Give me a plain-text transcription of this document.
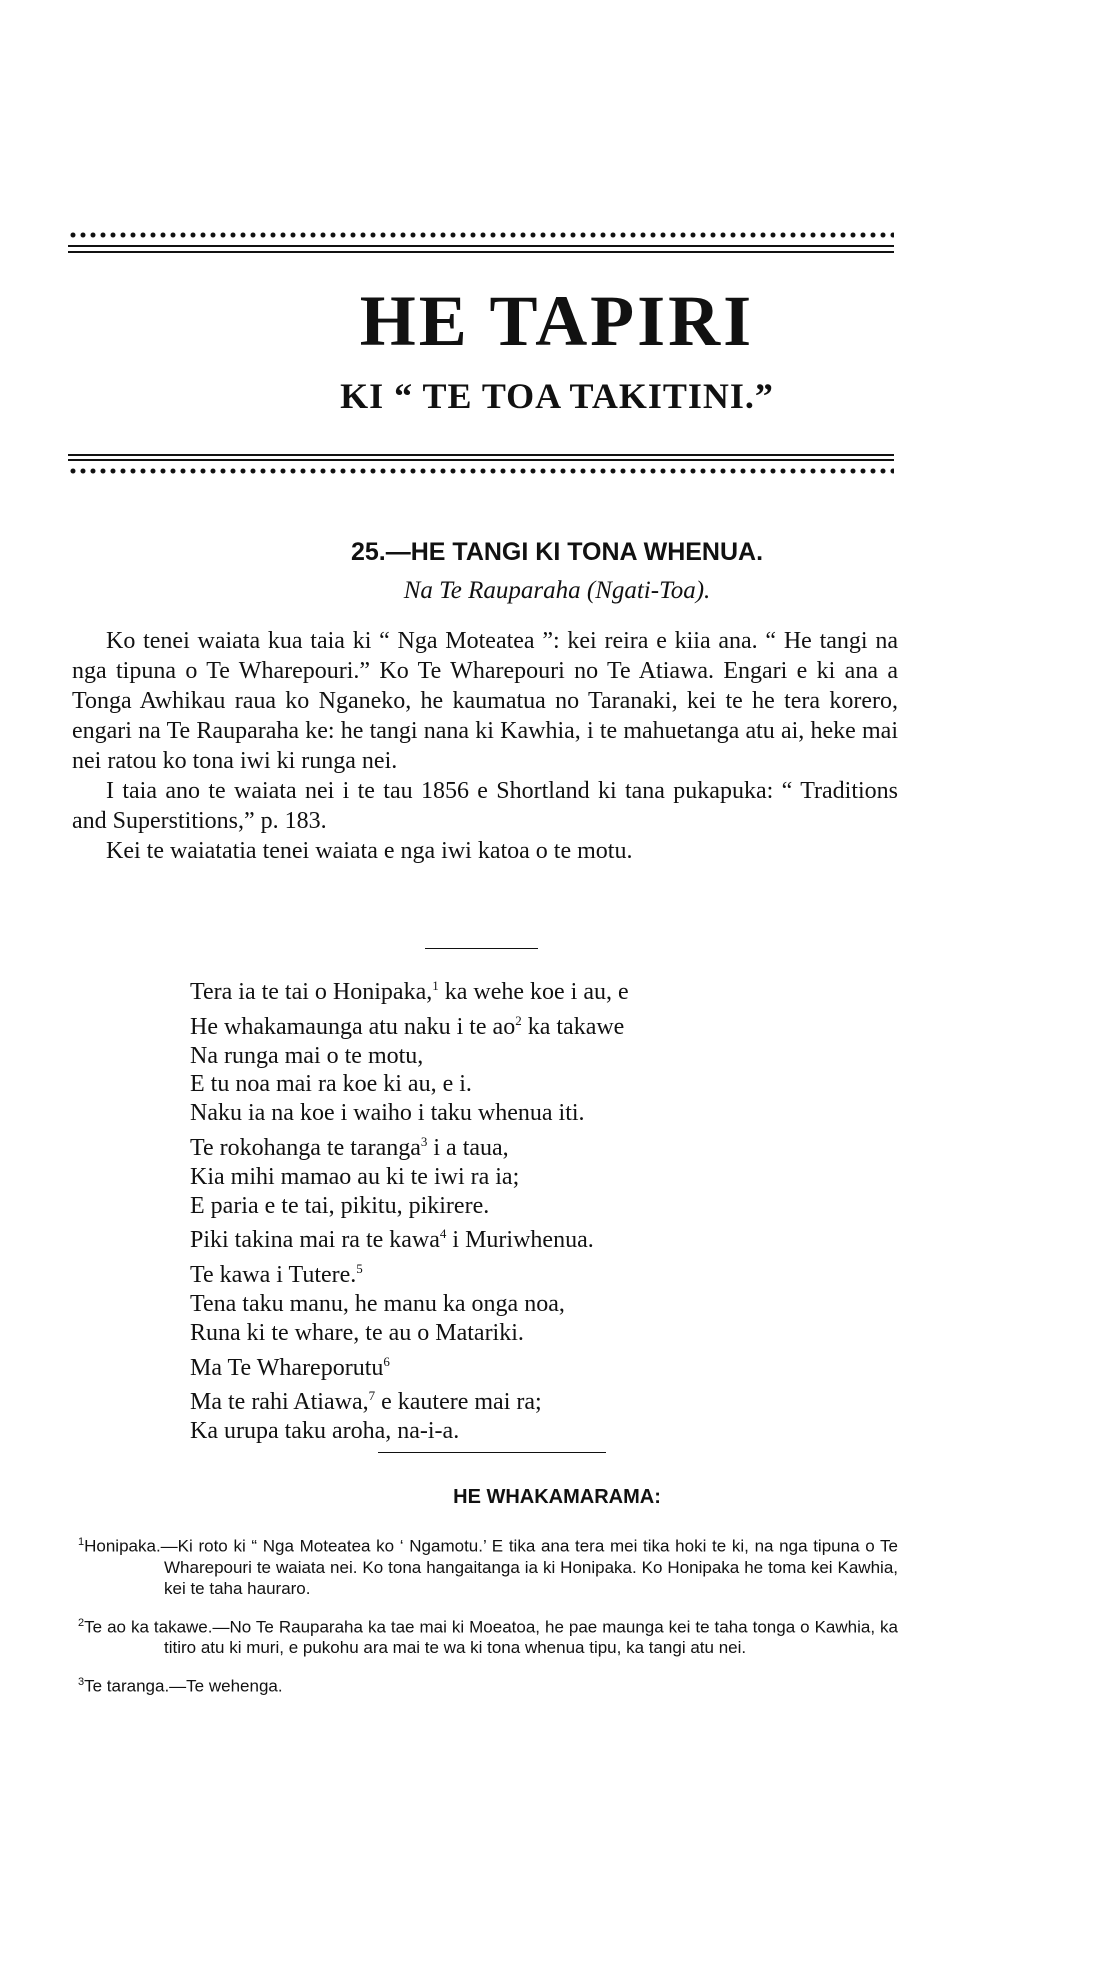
HE TAPIRI
KI “ TE TOA TAKITINI.”
25.—HE TANGI KI TONA WHENUA.
Na Te Rauparaha (Ngati-Toa).

Ko tenei waiata kua taia ki “ Nga Moteatea ”: kei reira e kiia ana. “ He tangi na nga tipuna o Te Wharepouri.” Ko Te Wharepouri no Te Atiawa. Engari e ki ana a Tonga Awhikau raua ko Nganeko, he kaumatua no Taranaki, kei te he tera korero, engari na Te Rauparaha ke: he tangi nana ki Kawhia, i te mahuetanga atu ai, heke mai nei ratou ko tona iwi ki runga nei.

I taia ano te waiata nei i te tau 1856 e Shortland ki tana pukapuka: “ Traditions and Superstitions,” p. 183.

Kei te waiatatia tenei waiata e nga iwi katoa o te motu.

Tera ia te tai o Honipaka,$^1$ ka wehe koe i au, e
He whakamaunga atu naku i te $ao^2$ ka takawe
Na runga mai o te motu,
E tu noa mai ra koe ki au, e i.
Naku ia na koe i waiho i taku whenua iti.
Te rokohanga te taranga$^3$ i a taua,
Kia mihi mamao au ki te iwi ra ia;
E paria e te tai, pikitu, pikirere.
Piki takina mai ra te kawa$^4$ i Muriwhenua.
Te kawa i Tutere.$^5$
Tena taku manu, he manu ka onga noa,
Runa ki te whare, te au o Matariki.
Ma Te Whareporutu$^6$
Ma te rahi Atiawa,$^7$ e kautere mai ra;
Ka urupa taku aroha, na-i-a.
HE WHAKAMARAMA:

$^1$Honipaka.—Ki roto ki “ Nga Moteatea ko ‘ Ngamotu.’ E tika ana tera mei tika hoki te ki, na nga tipuna o Te Wharepouri te waiata nei. Ko tona hangaitanga ia ki Honipaka. Ko Honipaka he toma kei Kawhia, kei te taha hauraro.

$^2$Te ao ka takawe.—No Te Rauparaha ka tae mai ki Moeatoa, he pae maunga kei te taha tonga o Kawhia, ka titiro atu ki muri, e pukohu ara mai te wa ki tona whenua tipu, ka tangi atu nei.

$^3$Te taranga.—Te wehenga.
